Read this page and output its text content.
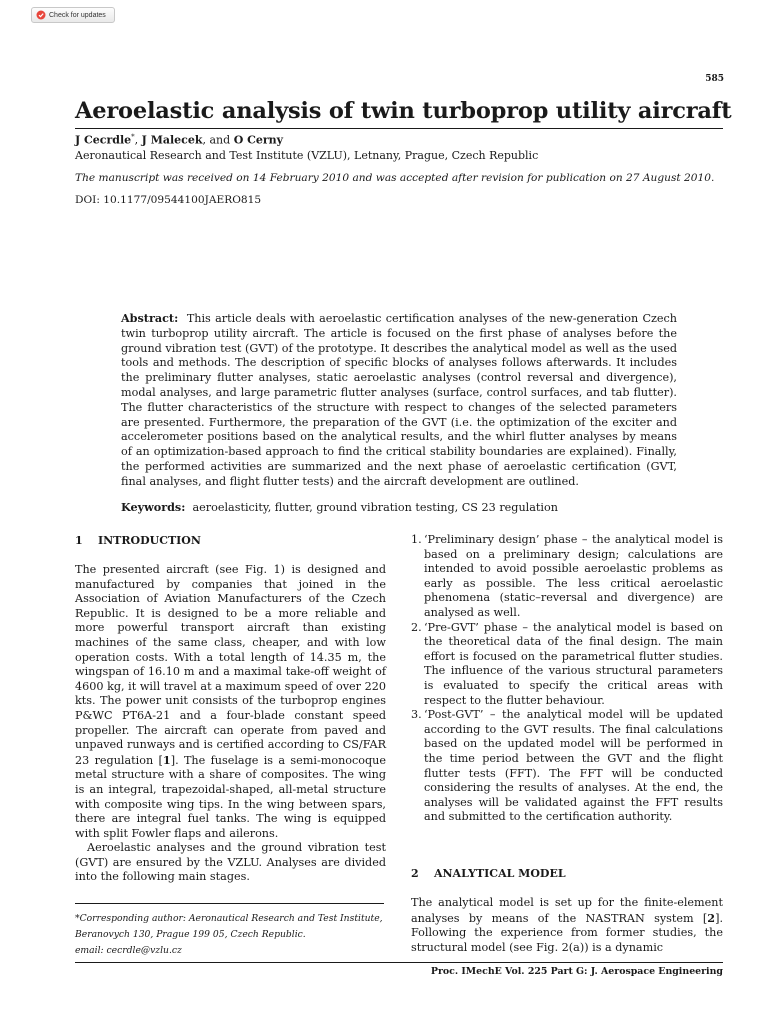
Check for updates
585
Aeroelastic analysis of twin turboprop utility aircraft
J Cecrdle*, J Malecek, and O Cerny
Aeronautical Research and Test Institute (VZLU), Letnany, Prague, Czech Republic
The manuscript was received on 14 February 2010 and was accepted after revision for publication on 27 August 2010.
DOI: 10.1177/09544100JAERO815
Abstract: This article deals with aeroelastic certification analyses of the new-generation Czech twin turboprop utility aircraft. The article is focused on the first phase of analyses before the ground vibration test (GVT) of the prototype. It describes the analytical model as well as the used tools and methods. The description of specific blocks of analyses follows afterwards. It includes the preliminary flutter analyses, static aeroelastic analyses (control reversal and divergence), modal analyses, and large parametric flutter analyses (surface, control surfaces, and tab flutter). The flutter characteristics of the structure with respect to changes of the selected parameters are presented. Furthermore, the preparation of the GVT (i.e. the optimization of the exciter and accelerometer positions based on the analytical results, and the whirl flutter analyses by means of an optimization-based approach to find the critical stability boundaries are explained). Finally, the performed activities are summarized and the next phase of aeroelastic certification (GVT, final analyses, and flight flutter tests) and the aircraft development are outlined.
Keywords: aeroelasticity, flutter, ground vibration testing, CS 23 regulation
1    INTRODUCTION

The presented aircraft (see Fig. 1) is designed and manufactured by companies that joined in the Association of Aviation Manufacturers of the Czech Republic. It is designed to be a more reliable and more powerful transport aircraft than existing machines of the same class, cheaper, and with low operation costs. With a total length of 14.35 m, the wingspan of 16.10 m and a maximal take-off weight of 4600 kg, it will travel at a maximum speed of over 220 kts. The power unit consists of the turboprop engines P&WC PT6A-21 and a four-blade constant speed propeller. The aircraft can operate from paved and unpaved runways and is certified according to CS/FAR 23 regulation [1]. The fuselage is a semi-monocoque metal structure with a share of composites. The wing is an integral, trapezoidal-shaped, all-metal structure with composite wing tips. In the wing between spars, there are integral fuel tanks. The wing is equipped with split Fowler flaps and ailerons.

Aeroelastic analyses and the ground vibration test (GVT) are ensured by the VZLU. Analyses are divided into the following main stages.

1. ‘Preliminary design’ phase – the analytical model is based on a preliminary design; calculations are intended to avoid possible aeroelastic problems as early as possible. The less critical aeroelastic phenomena (static–reversal and divergence) are analysed as well.
2. ‘Pre-GVT’ phase – the analytical model is based on the theoretical data of the final design. The main effort is focused on the parametrical flutter studies. The influence of the various structural parameters is evaluated to specify the critical areas with respect to the flutter behaviour.
3. ‘Post-GVT’ – the analytical model will be updated according to the GVT results. The final calculations based on the updated model will be performed in the time period between the GVT and the flight flutter tests (FFT). The FFT will be conducted considering the results of analyses. At the end, the analyses will be validated against the FFT results and submitted to the certification authority.
2    ANALYTICAL MODEL
The analytical model is set up for the finite-element analyses by means of the NASTRAN system [2]. Following the experience from former studies, the structural model (see Fig. 2(a)) is a dynamic
*Corresponding author: Aeronautical Research and Test Institute,
Beranovych 130, Prague 199 05, Czech Republic.
email: cecrdle@vzlu.cz
Proc. IMechE Vol. 225 Part G: J. Aerospace Engineering
